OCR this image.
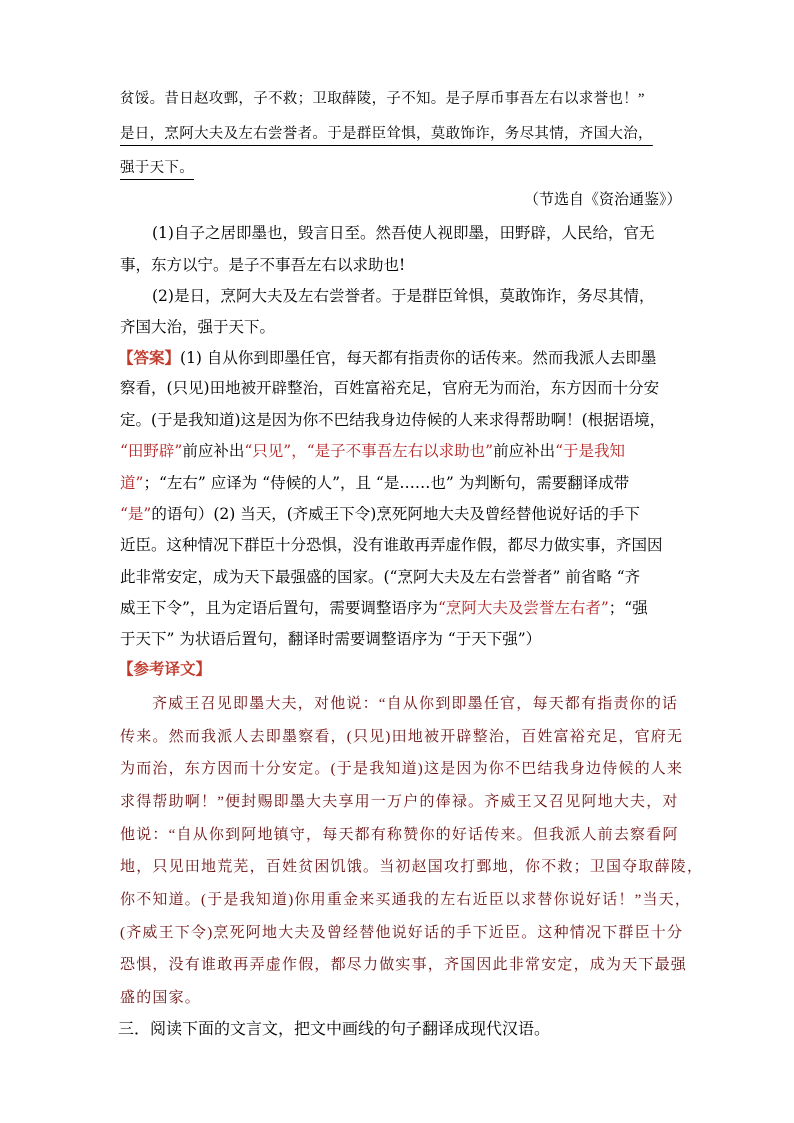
贫馁。昔日赵攻鄄，子不救；卫取薛陵，子不知。是子厚币事吾左右以求誉也！”
是日，烹阿大夫及左右尝誉者。于是群臣耸惧，莫敢饰诈，务尽其情，齐国大治，
强于天下。
（节选自《资治通鉴》）
(1)自子之居即墨也，毁言日至。然吾使人视即墨，田野辟，人民给，官无
事，东方以宁。是子不事吾左右以求助也!
(2)是日，烹阿大夫及左右尝誉者。于是群臣耸惧，莫敢饰诈，务尽其情，
齐国大治，强于天下。
【答案】(1) 自从你到即墨任官，每天都有指责你的话传来。然而我派人去即墨
察看，(只见)田地被开辟整治，百姓富裕充足，官府无为而治，东方因而十分安
定。(于是我知道)这是因为你不巴结我身边侍候的人来求得帮助啊！(根据语境，
“田野辟”前应补出“只见”，“是子不事吾左右以求助也”前应补出“于是我知
道”；“左右” 应译为 “侍候的人”，且 “是……也” 为判断句，需要翻译成带
“是”的语句）(2) 当天，(齐威王下令)烹死阿地大夫及曾经替他说好话的手下
近臣。这种情况下群臣十分恐惧，没有谁敢再弄虚作假，都尽力做实事，齐国因
此非常安定，成为天下最强盛的国家。(“烹阿大夫及左右尝誉者” 前省略 “齐
威王下令”，且为定语后置句，需要调整语序为“烹阿大夫及尝誉左右者”；“强
于天下” 为状语后置句，翻译时需要调整语序为 “于天下强”）
【参考译文】
齐威王召见即墨大夫，对他说：“自从你到即墨任官，每天都有指责你的话
传来。然而我派人去即墨察看，(只见)田地被开辟整治，百姓富裕充足，官府无
为而治，东方因而十分安定。(于是我知道)这是因为你不巴结我身边侍候的人来
求得帮助啊！”便封赐即墨大夫享用一万户的俸禄。齐威王又召见阿地大夫，对
他说：“自从你到阿地镇守，每天都有称赞你的好话传来。但我派人前去察看阿
地，只见田地荒芜，百姓贫困饥饿。当初赵国攻打鄄地，你不救；卫国夺取薛陵，
你不知道。(于是我知道)你用重金来买通我的左右近臣以求替你说好话！”当天，
(齐威王下令)烹死阿地大夫及曾经替他说好话的手下近臣。这种情况下群臣十分
恐惧，没有谁敢再弄虚作假，都尽力做实事，齐国因此非常安定，成为天下最强
盛的国家。
三．阅读下面的文言文，把文中画线的句子翻译成现代汉语。
